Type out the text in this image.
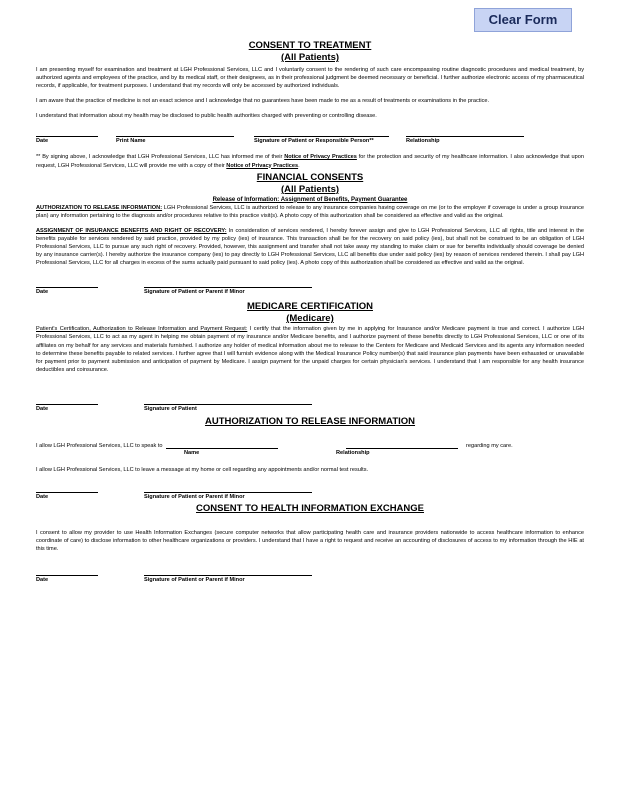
Clear Form
CONSENT TO TREATMENT
(All Patients)

I am presenting myself for examination and treatment at LGH Professional Services, LLC and I voluntarily consent to the rendering of such care encompassing routine diagnostic procedures and medical treatment, by authorized agents and employees of the practice, and by its medical staff, or their designees, as in their professional judgment be deemed necessary or beneficial. I further authorize electronic access of my pharmaceutical records, if applicable, for treatment purposes. I understand that my records will only be accessed by authorized individuals.

I am aware that the practice of medicine is not an exact science and I acknowledge that no guarantees have been made to me as a result of treatments or examinations in the practice.

I understand that information about my health may be disclosed to public health authorities charged with preventing or controlling disease.

Date	Print Name	Signature of Patient or Responsible Person**	Relationship

** By signing above, I acknowledge that LGH Professional Services, LLC has informed me of their Notice of Privacy Practices for the protection and security of my healthcare information. I also acknowledge that upon request, LGH Professional Services, LLC will provide me with a copy of their Notice of Privacy Practices.

FINANCIAL CONSENTS
(All Patients)
Release of Information: Assignment of Benefits, Payment Guarantee

AUTHORIZATION TO RELEASE INFORMATION: LGH Professional Services, LLC is authorized to release to any insurance companies having coverage on me (or to the employer if coverage is under a group insurance plan) any information pertaining to the diagnosis and/or procedures relative to this practice visit(s). A photo copy of this authorization shall be considered as effective and valid as the original.

ASSIGNMENT OF INSURANCE BENEFITS AND RIGHT OF RECOVERY: In consideration of services rendered, I hereby forever assign and give to LGH Professional Services, LLC all rights, title and interest in the benefits payable for services rendered by said practice, provided by my policy (ies) of insurance. This transaction shall be for the recovery on said policy (ies), but shall not be construed to be an obligation of LGH Professional Services, LLC to pursue any such right of recovery. Provided, however, this assignment and transfer shall not take away my standing to make claim or sue for benefits individually should coverage be denied by any insurance carrier(s). I hereby authorize the insurance company (ies) to pay directly to LGH Professional Services, LLC all benefits due under said policy (ies) by reason of services rendered therein. I shall pay LGH Professional Services, LLC for all charges in excess of the sums actually paid pursuant to said policy (ies). A photo copy of this authorization shall be considered as effective and valid as the original.

Date	Signature of Patient or Parent if Minor
MEDICARE CERTIFICATION
(Medicare)

Patient's Certification, Authorization to Release Information and Payment Request: I certify that the information given by me in applying for Insurance and/or Medicare payment is true and correct. I authorize LGH Professional Services, LLC to act as my agent in helping me obtain payment of my insurance and/or Medicare benefits, and I authorize payment of these benefits directly to LGH Professional Services, LLC or one of its affiliates on my behalf for any services and materials furnished. I authorize any holder of medical information about me to release to the Centers for Medicare and Medicaid Services and its agents any information needed to determine these benefits payable to related services. I further agree that I will furnish evidence along with the Medical Insurance Policy number(s) that said insurance plan payments have been exhausted or unavailable for payment prior to payment submission and anticipation of payment by Medicare. I assign payment for the unpaid charges for certain physician's services. I understand that I am responsible for any health insurance deductibles and coinsurance.

Date	Signature of Patient
AUTHORIZATION TO RELEASE INFORMATION
I allow LGH Professional Services, LLC to speak to	regarding my care.
Name	Relationship

I allow LGH Professional Services, LLC to leave a message at my home or cell regarding any appointments and/or normal test results.

Date	Signature of Patient or Parent if Minor
CONSENT TO HEALTH INFORMATION EXCHANGE

I consent to allow my provider to use Health Information Exchanges (secure computer networks that allow participating health care and insurance providers nationwide to access healthcare information to enhance coordinate of care) to disclose information to other healthcare organizations or providers. I understand that I have a right to request and receive an accounting of disclosures of access to my information through the HIE at this time.

Date	Signature of Patient or Parent if Minor
